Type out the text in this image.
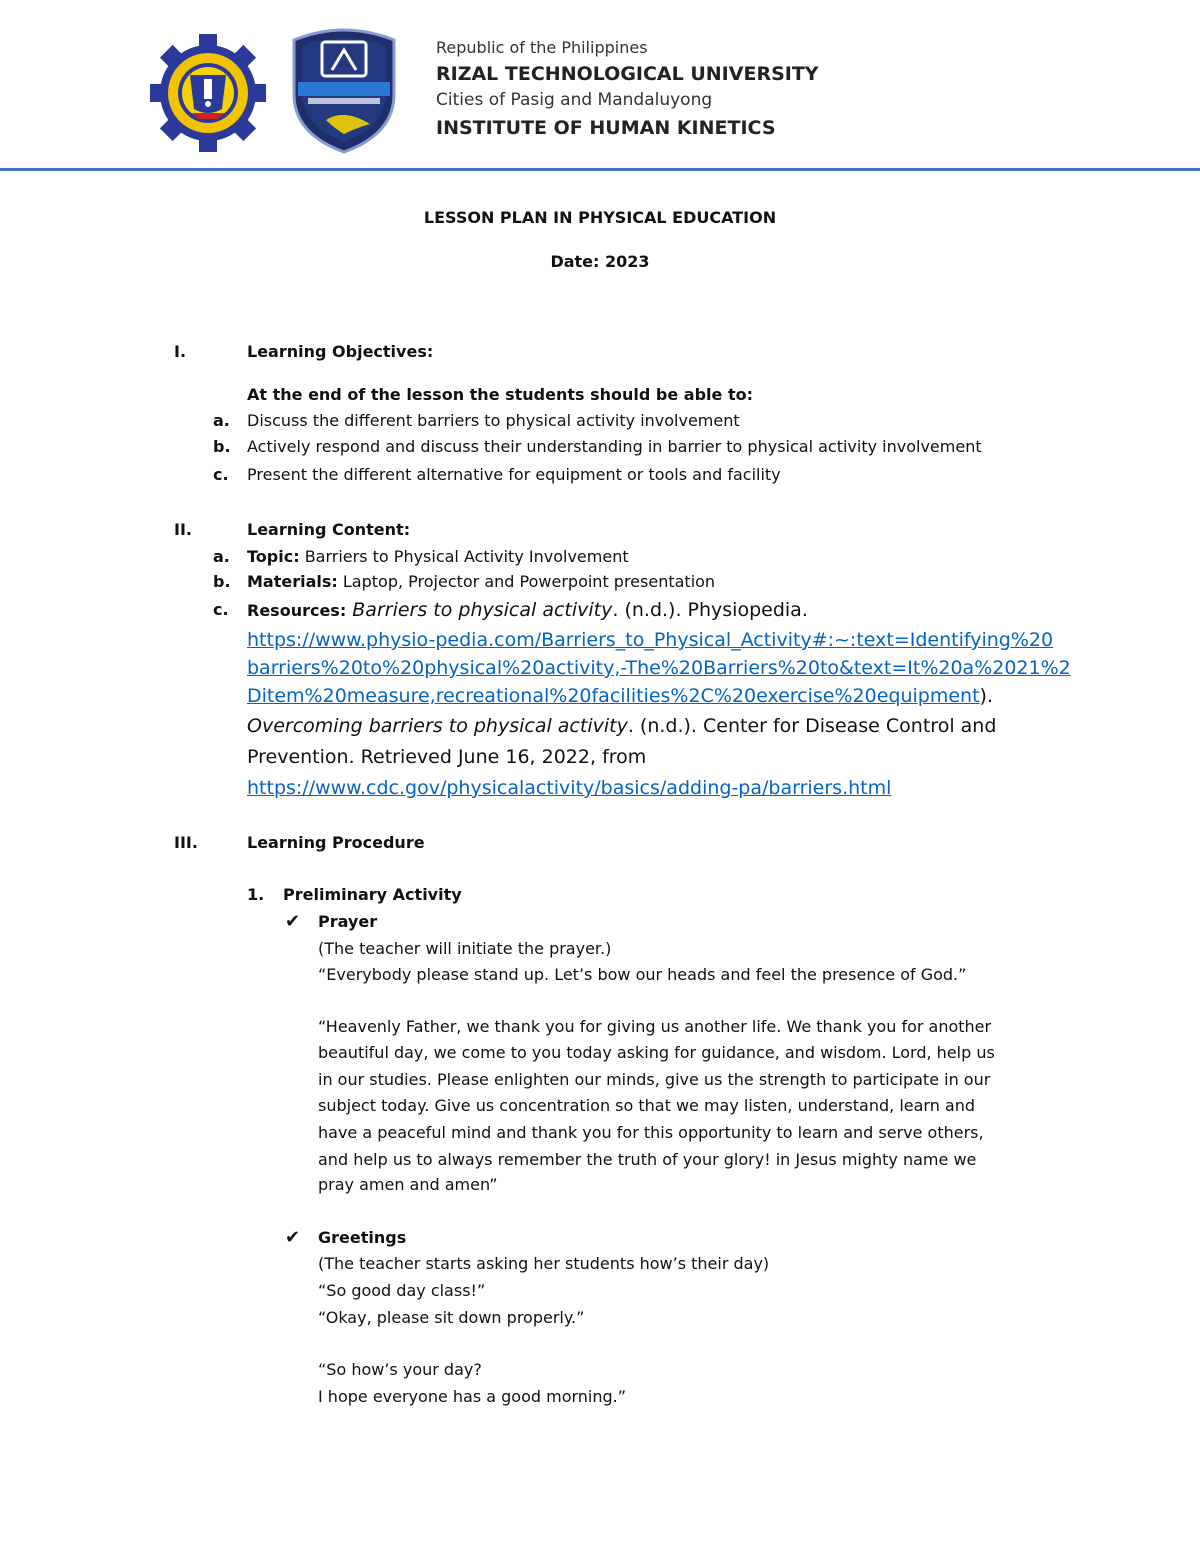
Republic of the Philippines
RIZAL TECHNOLOGICAL UNIVERSITY
Cities of Pasig and Mandaluyong
INSTITUTE OF HUMAN KINETICS
LESSON PLAN IN PHYSICAL EDUCATION
Date: 2023
I.	Learning Objectives:
At the end of the lesson the students should be able to:
a. Discuss the different barriers to physical activity involvement
b. Actively respond and discuss their understanding in barrier to physical activity involvement
c. Present the different alternative for equipment or tools and facility
II.	Learning Content:
a. Topic: Barriers to Physical Activity Involvement
b. Materials: Laptop, Projector and Powerpoint presentation
c. Resources: Barriers to physical activity. (n.d.). Physiopedia.
https://www.physio-pedia.com/Barriers_to_Physical_Activity#:~:text=Identifying%20
barriers%20to%20physical%20activity,-The%20Barriers%20to&text=It%20a%2021%2
Ditem%20measure,recreational%20facilities%2C%20exercise%20equipment).
Overcoming barriers to physical activity. (n.d.). Center for Disease Control and
Prevention. Retrieved June 16, 2022, from
https://www.cdc.gov/physicalactivity/basics/adding-pa/barriers.html
III.	Learning Procedure
1. Preliminary Activity
✔ Prayer
(The teacher will initiate the prayer.)
“Everybody please stand up. Let’s bow our heads and feel the presence of God.”
“Heavenly Father, we thank you for giving us another life. We thank you for another
beautiful day, we come to you today asking for guidance, and wisdom. Lord, help us
in our studies. Please enlighten our minds, give us the strength to participate in our
subject today. Give us concentration so that we may listen, understand, learn and
have a peaceful mind and thank you for this opportunity to learn and serve others,
and help us to always remember the truth of your glory! in Jesus mighty name we
pray amen and amen”
✔ Greetings
(The teacher starts asking her students how’s their day)
“So good day class!”
“Okay, please sit down properly.”
“So how’s your day?
I hope everyone has a good morning.”
